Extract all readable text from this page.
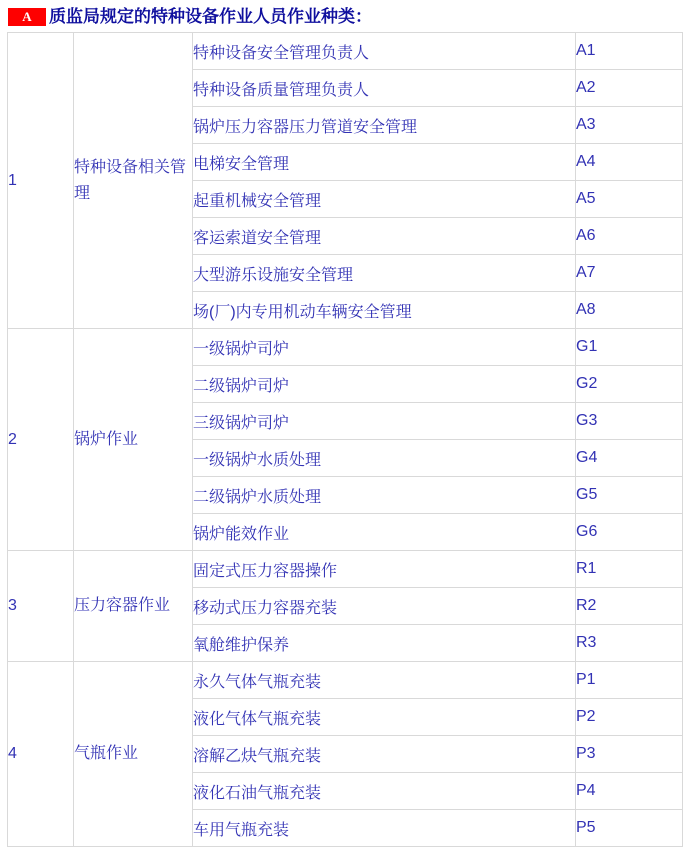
A	质监局规定的特种设备作业人员作业种类：
1	特种设备相关管理	特种设备安全管理负责人	A1
		特种设备质量管理负责人	A2
		锅炉压力容器压力管道安全管理	A3
		电梯安全管理	A4
		起重机械安全管理	A5
		客运索道安全管理	A6
		大型游乐设施安全管理	A7
		场(厂)内专用机动车辆安全管理	A8
2	锅炉作业	一级锅炉司炉	G1
		二级锅炉司炉	G2
		三级锅炉司炉	G3
		一级锅炉水质处理	G4
		二级锅炉水质处理	G5
		锅炉能效作业	G6
3	压力容器作业	固定式压力容器操作	R1
		移动式压力容器充装	R2
		氧舱维护保养	R3
4	气瓶作业	永久气体气瓶充装	P1
		液化气体气瓶充装	P2
		溶解乙炔气瓶充装	P3
		液化石油气瓶充装	P4
		车用气瓶充装	P5
